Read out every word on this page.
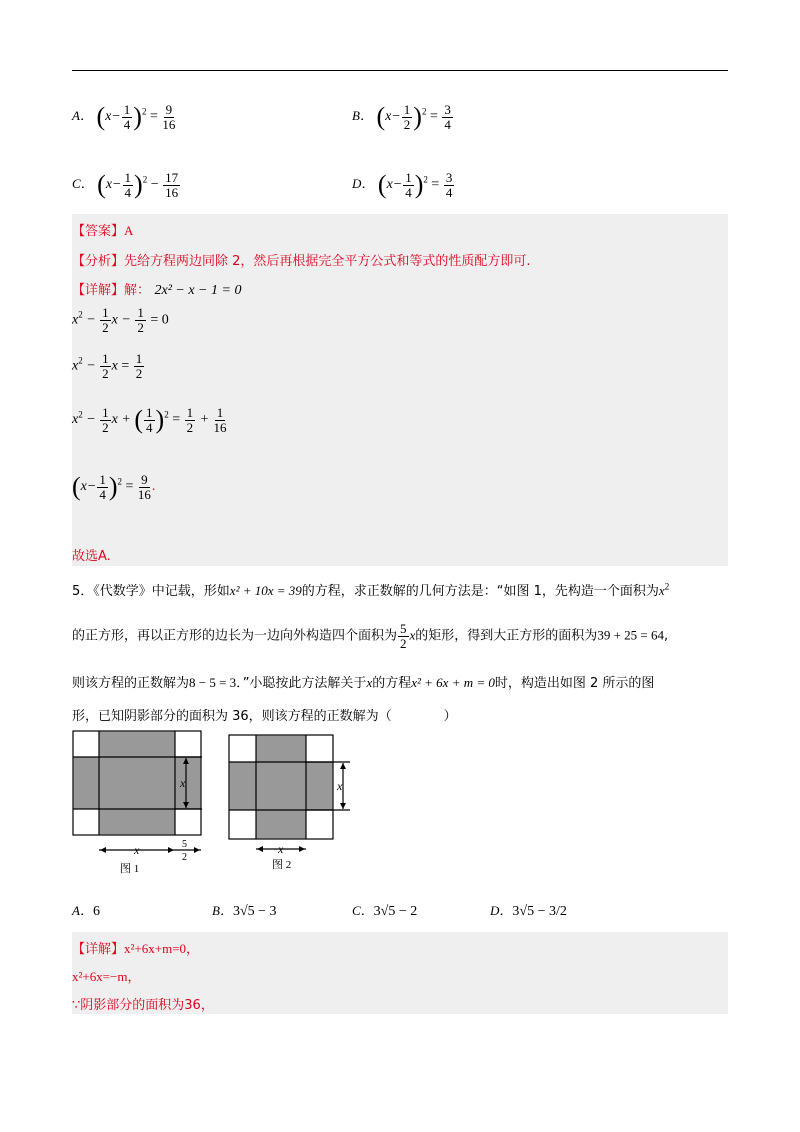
A． $(x- \frac{1}{4} )^2 = \frac{9}{16}$	B． $(x- \frac{1}{2} )^2 = \frac{3}{4}$
C． $(x- \frac{1}{4} )^2 - \frac{17}{16}$	D． $(x- \frac{1}{4} )^2 = \frac{3}{4}$
【答案】A
【分析】先给方程两边同除 2，然后再根据完全平方公式和等式的性质配方即可.
【详解】解： 2x² − x − 1 = 0
$x^2 - \frac{1}{2}$ $x - \frac{1}{2} = 0$
$x^2 - \frac{1}{2}$ $x = \frac{1}{2}$
$x^2 - \frac{1}{2}$ x + ( $\frac{1}{4} )^2 = \frac{1}{2} + \frac{1}{16}$
$(x- \frac{1}{4} )^2 = \frac{9}{16}$ .
故选A.
5．《代数学》中记载，形如x² + 10x = 39的方程，求正数解的几何方法是：“如图 1，先构造一个面积为$x^2$
的正方形，再以正方形的边长为一边向外构造四个面积为 $\frac{5}{2}$ x的矩形，得到大正方形的面积为39 + 25 = 64,
则该方程的正数解为8 − 5 = 3．”小聪按此方法解关于x的方程x² + 6x + m = 0时，构造出如图 2 所示的图
形，已知阴影部分的面积为 36，则该方程的正数解为（　　　　）
x
x	5
2
图 1
x
x
图 2
A．6	B．3√5 − 3	C．3√5 − 2	D．3√5 − 3/2
【详解】x²+6x+m=0，
x²+6x=−m，
∵阴影部分的面积为36，
